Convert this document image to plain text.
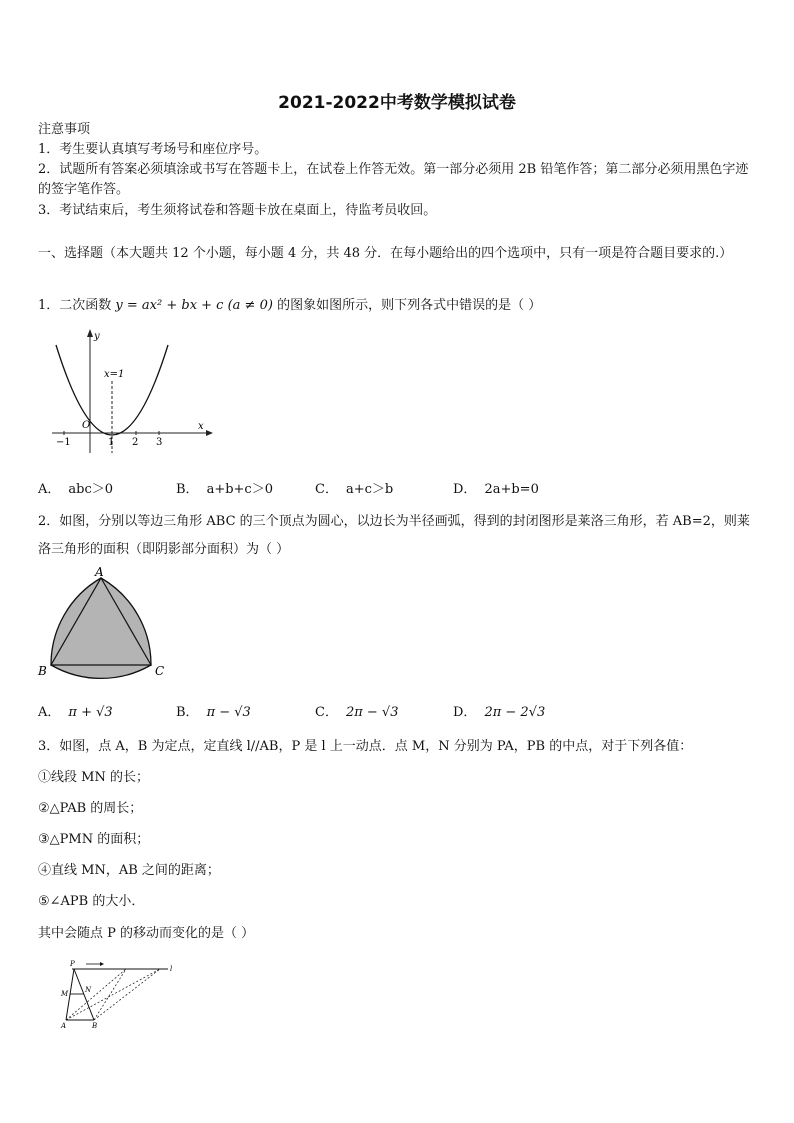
2021-2022中考数学模拟试卷
注意事项
1．考生要认真填写考场号和座位序号。
2．试题所有答案必须填涂或书写在答题卡上，在试卷上作答无效。第一部分必须用 2B 铅笔作答；第二部分必须用黑色字迹的签字笔作答。
3．考试结束后，考生须将试卷和答题卡放在桌面上，待监考员收回。
一、选择题（本大题共 12 个小题，每小题 4 分，共 48 分．在每小题给出的四个选项中，只有一项是符合题目要求的.）
1．二次函数 y = ax² + bx + c (a ≠ 0) 的图象如图所示，则下列各式中错误的是（ ）
y
x
x=1
O
−1	1 2 3
A． abc＞0	B． a+b+c＞0	C． a+c＞b	D． 2a+b=0
2．如图，分别以等边三角形 ABC 的三个顶点为圆心，以边长为半径画弧，得到的封闭图形是莱洛三角形，若 AB=2，则莱洛三角形的面积（即阴影部分面积）为（ ）
A
B	C
A． π + √3	B． π − √3	C． 2π − √3	D． 2π − 2√3
3．如图，点 A，B 为定点，定直线 l//AB，P 是 l 上一动点．点 M，N 分别为 PA，PB 的中点，对于下列各值：
①线段 MN 的长；
②△PAB 的周长；
③△PMN 的面积；
④直线 MN，AB 之间的距离；
⑤∠APB 的大小．
其中会随点 P 的移动而变化的是（ ）
P
l
M N
A	B
